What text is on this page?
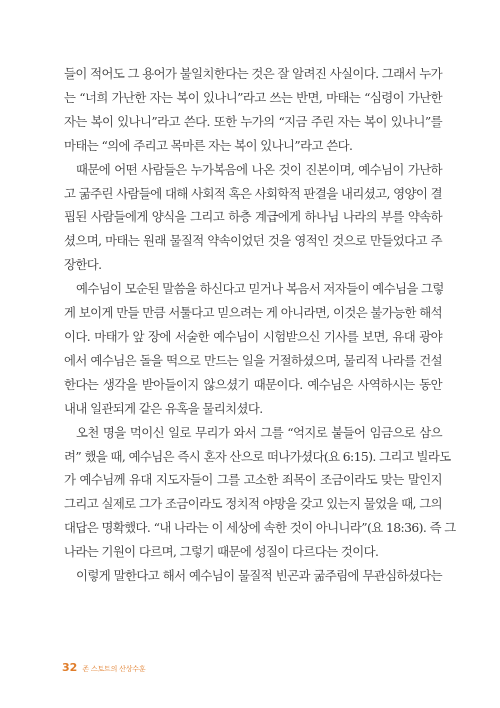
들이 적어도 그 용어가 불일치한다는 것은 잘 알려진 사실이다. 그래서 누가
는 “너희 가난한 자는 복이 있나니”라고 쓰는 반면, 마태는 “심령이 가난한
자는 복이 있나니”라고 쓴다. 또한 누가의 “지금 주린 자는 복이 있나니”를
마태는 “의에 주리고 목마른 자는 복이 있나니”라고 쓴다.
때문에 어떤 사람들은 누가복음에 나온 것이 진본이며, 예수님이 가난하
고 굶주린 사람들에 대해 사회적 혹은 사회학적 판결을 내리셨고, 영양이 결
핍된 사람들에게 양식을 그리고 하층 계급에게 하나님 나라의 부를 약속하
셨으며, 마태는 원래 물질적 약속이었던 것을 영적인 것으로 만들었다고 주
장한다.
예수님이 모순된 말씀을 하신다고 믿거나 복음서 저자들이 예수님을 그렇
게 보이게 만들 만큼 서툴다고 믿으려는 게 아니라면, 이것은 불가능한 해석
이다. 마태가 앞 장에 서술한 예수님이 시험받으신 기사를 보면, 유대 광야
에서 예수님은 돌을 떡으로 만드는 일을 거절하셨으며, 물리적 나라를 건설
한다는 생각을 받아들이지 않으셨기 때문이다. 예수님은 사역하시는 동안
내내 일관되게 같은 유혹을 물리치셨다.
오천 명을 먹이신 일로 무리가 와서 그를 “억지로 붙들어 임금으로 삼으
려” 했을 때, 예수님은 즉시 혼자 산으로 떠나가셨다(요 6:15). 그리고 빌라도
가 예수님께 유대 지도자들이 그를 고소한 죄목이 조금이라도 맞는 말인지
그리고 실제로 그가 조금이라도 정치적 야망을 갖고 있는지 물었을 때, 그의
대답은 명확했다. “내 나라는 이 세상에 속한 것이 아니니라”(요 18:36). 즉 그
나라는 기원이 다르며, 그렇기 때문에 성질이 다르다는 것이다.
이렇게 말한다고 해서 예수님이 물질적 빈곤과 굶주림에 무관심하셨다는
32 존 스토트의 산상수훈
